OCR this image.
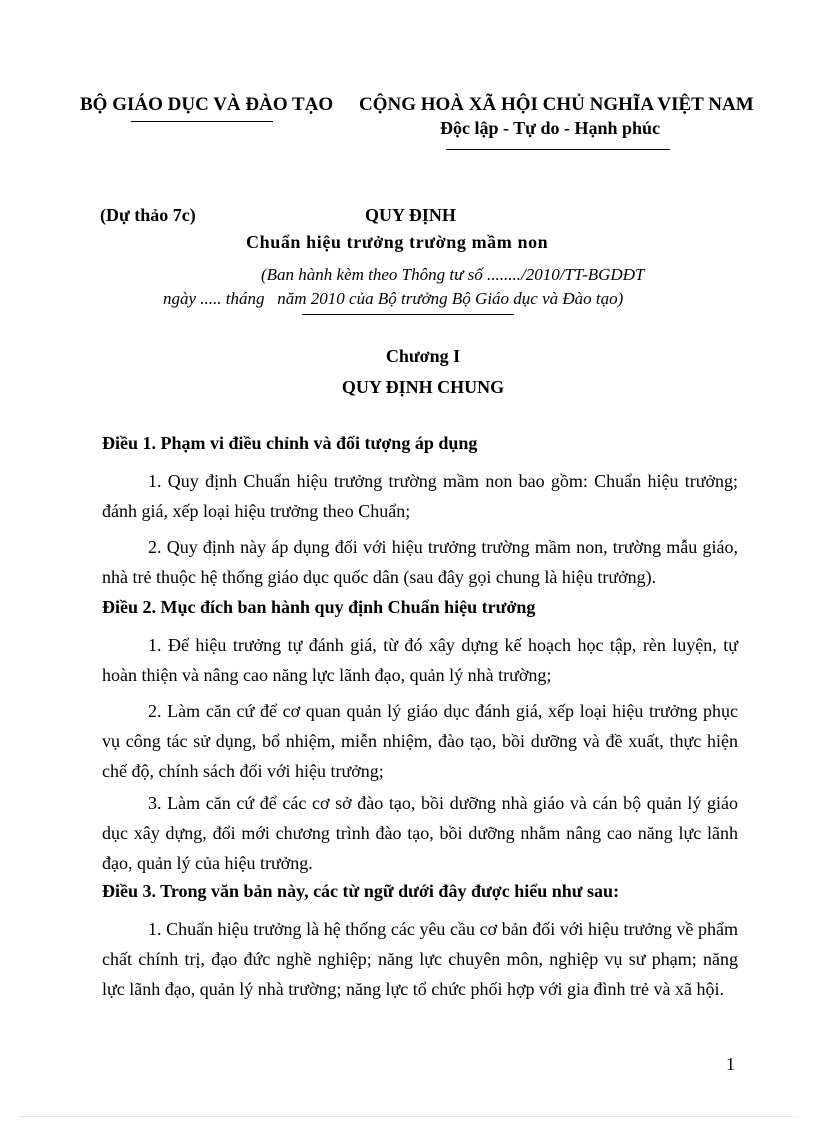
BỘ GIÁO DỤC VÀ ĐÀO TẠO CỘNG HOÀ XÃ HỘI CHỦ NGHĨA VIỆT NAM
Độc lập - Tự do - Hạnh phúc
(Dự thảo 7c)	QUY ĐỊNH
Chuẩn hiệu trưởng trường mầm non
(Ban hành kèm theo Thông tư số ......../2010/TT-BGDĐT
ngày ..... tháng   năm 2010 của Bộ trưởng Bộ Giáo dục và Đào tạo)
Chương I
QUY ĐỊNH CHUNG
Điều 1. Phạm vi điều chỉnh và đối tượng áp dụng

1. Quy định Chuẩn hiệu trưởng trường mầm non bao gồm: Chuẩn hiệu trưởng; đánh giá, xếp loại hiệu trưởng theo Chuẩn;

2. Quy định này áp dụng đối với hiệu trưởng trường mầm non, trường mẫu giáo, nhà trẻ thuộc hệ thống giáo dục quốc dân (sau đây gọi chung là hiệu trưởng).

Điều 2. Mục đích ban hành quy định Chuẩn hiệu trưởng

1. Để hiệu trưởng tự đánh giá, từ đó xây dựng kế hoạch học tập, rèn luyện, tự hoàn thiện và nâng cao năng lực lãnh đạo, quản lý nhà trường;

2. Làm căn cứ để cơ quan quản lý giáo dục đánh giá, xếp loại hiệu trưởng phục vụ công tác sử dụng, bổ nhiệm, miễn nhiệm, đào tạo, bồi dưỡng và đề xuất, thực hiện chế độ, chính sách đối với hiệu trưởng;

3. Làm căn cứ để các cơ sở đào tạo, bồi dưỡng nhà giáo và cán bộ quản lý giáo dục xây dựng, đổi mới chương trình đào tạo, bồi dưỡng nhằm nâng cao năng lực lãnh đạo, quản lý của hiệu trưởng.

Điều 3. Trong văn bản này, các từ ngữ dưới đây được hiểu như sau:

1. Chuẩn hiệu trưởng là hệ thống các yêu cầu cơ bản đối với hiệu trưởng về phẩm chất chính trị, đạo đức nghề nghiệp; năng lực chuyên môn, nghiệp vụ sư phạm; năng lực lãnh đạo, quản lý nhà trường; năng lực tổ chức phối hợp với gia đình trẻ và xã hội.

1
